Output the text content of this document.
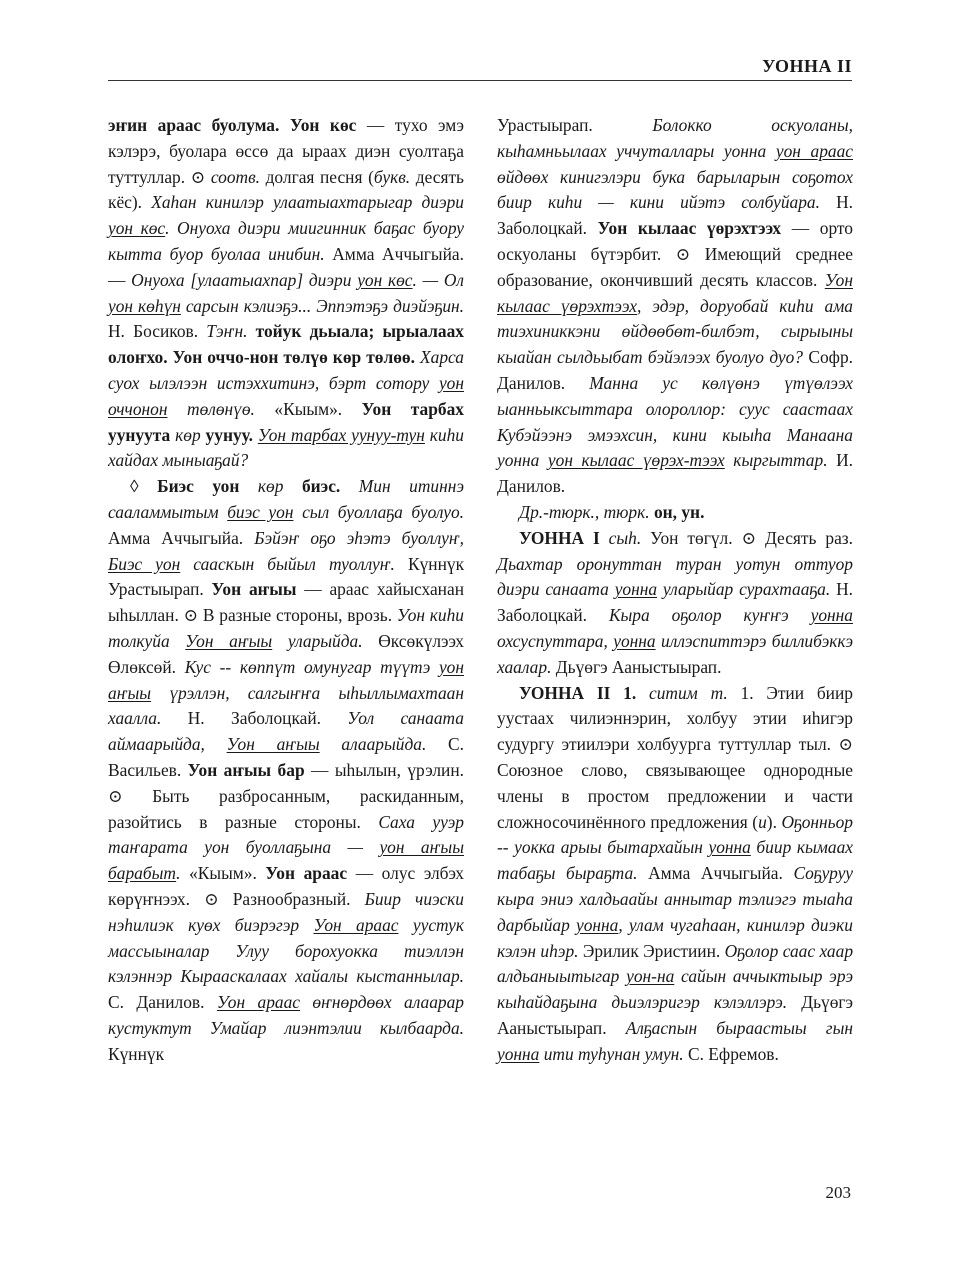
УОННА II

эҥин араас буолума. Уон көс — тухо эмэ кэлэрэ, буолара өссө да ыраах диэн суолтаҕа туттуллар. ⊙ соотв. долгая песня (букв. десять кёс). Хаһан кинилэр улаатыахтарыгар диэри уон көс. Онуоха диэри миигинник баҕас буору кытта буор буолаа инибин. Амма Аччыгыйа. — Онуоха [улаатыахпар] диэри уон көс. — Ол уон көһүн сарсын кэлиэҕэ... Эппэтэҕэ диэйэҕин. Н. Босиков. Тэҥн. тойук дьыала; ырыалаах олоҥхо. Уон оччо-нон төлүө көр төлөө. Харса суох ылэлээн истэххитинэ, бэрт сотору уон оччонон төлөнүө. «Кыым». Уон тарбах уунуута көр уунуу. Уон тарбах уунуу-тун киһи хайдах мыныаҕай?

◊ Биэс уон көр биэс. Мин итиннэ сааламмытым биэс уон сыл буоллаҕа буолуо. Амма Аччыгыйа. Бэйэҥ оҕо эһэтэ буоллуҥ, Биэс уон сааскын быйыл туоллуҥ. Күннүк Урастыырап. Уон аҥыы — араас хайысханан ыһыллан. ⊙ В разные стороны, врозь. Уон киһи толкуйа Уон аҥыы уларыйда. Өксөкүлээх Өлөксөй. Кус -- көппүт омунугар түүтэ уон аҥыы үрэллэн, салгыҥҥа ыһыллымахтаан хаалла. Н. Заболоцкай. Уол санаата аймаарыйда, Уон аҥыы алаарыйда. С. Васильев. Уон аҥыы бар — ыһылын, үрэлин. ⊙ Быть разбросанным, раскиданным, разойтись в разные стороны. Саха ууэр таҥарата уон буоллаҕына — уон аҥыы барабыт. «Кыым». Уон араас — олус элбэх көрүҥнээх. ⊙ Разнообразный. Биир чиэски нэһилиэк куөх биэрэгэр Уон араас уустук массыыналар Улуу борохуокка тиэллэн кэлэннэр Кырааскалаах хайалы кыстаннылар. С. Данилов. Уон араас өҥнөрдөөх алаарар кустуктут Умайар лиэнтэлии кылбаарда. Күннүк

Урастыырап. Болокко оскуоланы, кыһамньылаах уччуталлары уонна уон араас өйдөөх кинигэлэри бука барыларын соҕотох биир киһи — кини ийэтэ солбуйара. Н. Заболоцкай. Уон кылаас үөрэхтээх — орто оскуоланы бүтэрбит. ⊙ Имеющий среднее образование, окончивший десять классов. Уон кылаас үөрэхтээх, эдэр, доруобай киһи ама тиэхиниккэни өйдөөбөт-билбэт, сырыыны кыайан сылдьыбат бэйэлээх буолуо дуо? Софр. Данилов. Манна ус көлүөнэ үтүөлээх ыанньыксыттара олороллор: суус саастаах Кубэйээнэ эмээхсин, кини кыыһа Манаана уонна уон кылаас үөрэх-тээх кыргыттар. И. Данилов.

Др.-тюрк., тюрк. он, ун.

УОННА I сыһ. Уон төгүл. ⊙ Десять раз. Дьахтар оронуттан туран уотун оттуор диэри санаата уонна уларыйар сурахтааҕа. Н. Заболоцкай. Кыра оҕолор куҥҥэ уонна охсуспуттара, уонна иллэспиттэрэ биллибэккэ хаалар. Дьүөгэ Ааныстыырап.

УОННА II 1. ситим т. 1. Этии биир уустаах чилиэннэрин, холбуу этии иһигэр судургу этиилэри холбуурга туттуллар тыл. ⊙ Союзное слово, связывающее однородные члены в простом предложении и части сложносочинённого предложения (и). Оҕонньор -- уокка арыы бытархайын уонна биир кымаах табаҕы быраҕта. Амма Аччыгыйа. Соҕуруу кыра эниэ халдьаайы аннытар тэлиэгэ тыаһа дарбыйар уонна, улам чугаһаан, кинилэр диэки кэлэн иһэр. Эрилик Эристиин. Оҕолор саас хаар алдьаныытыгар уон-на сайын аччыктыыр эрэ кыһайдаҕына дьиэлэригэр кэлэллэрэ. Дьүөгэ Ааныстыырап. Алҕаспын быраастыы гын уонна ити туһунан умун. С. Ефремов.

203
